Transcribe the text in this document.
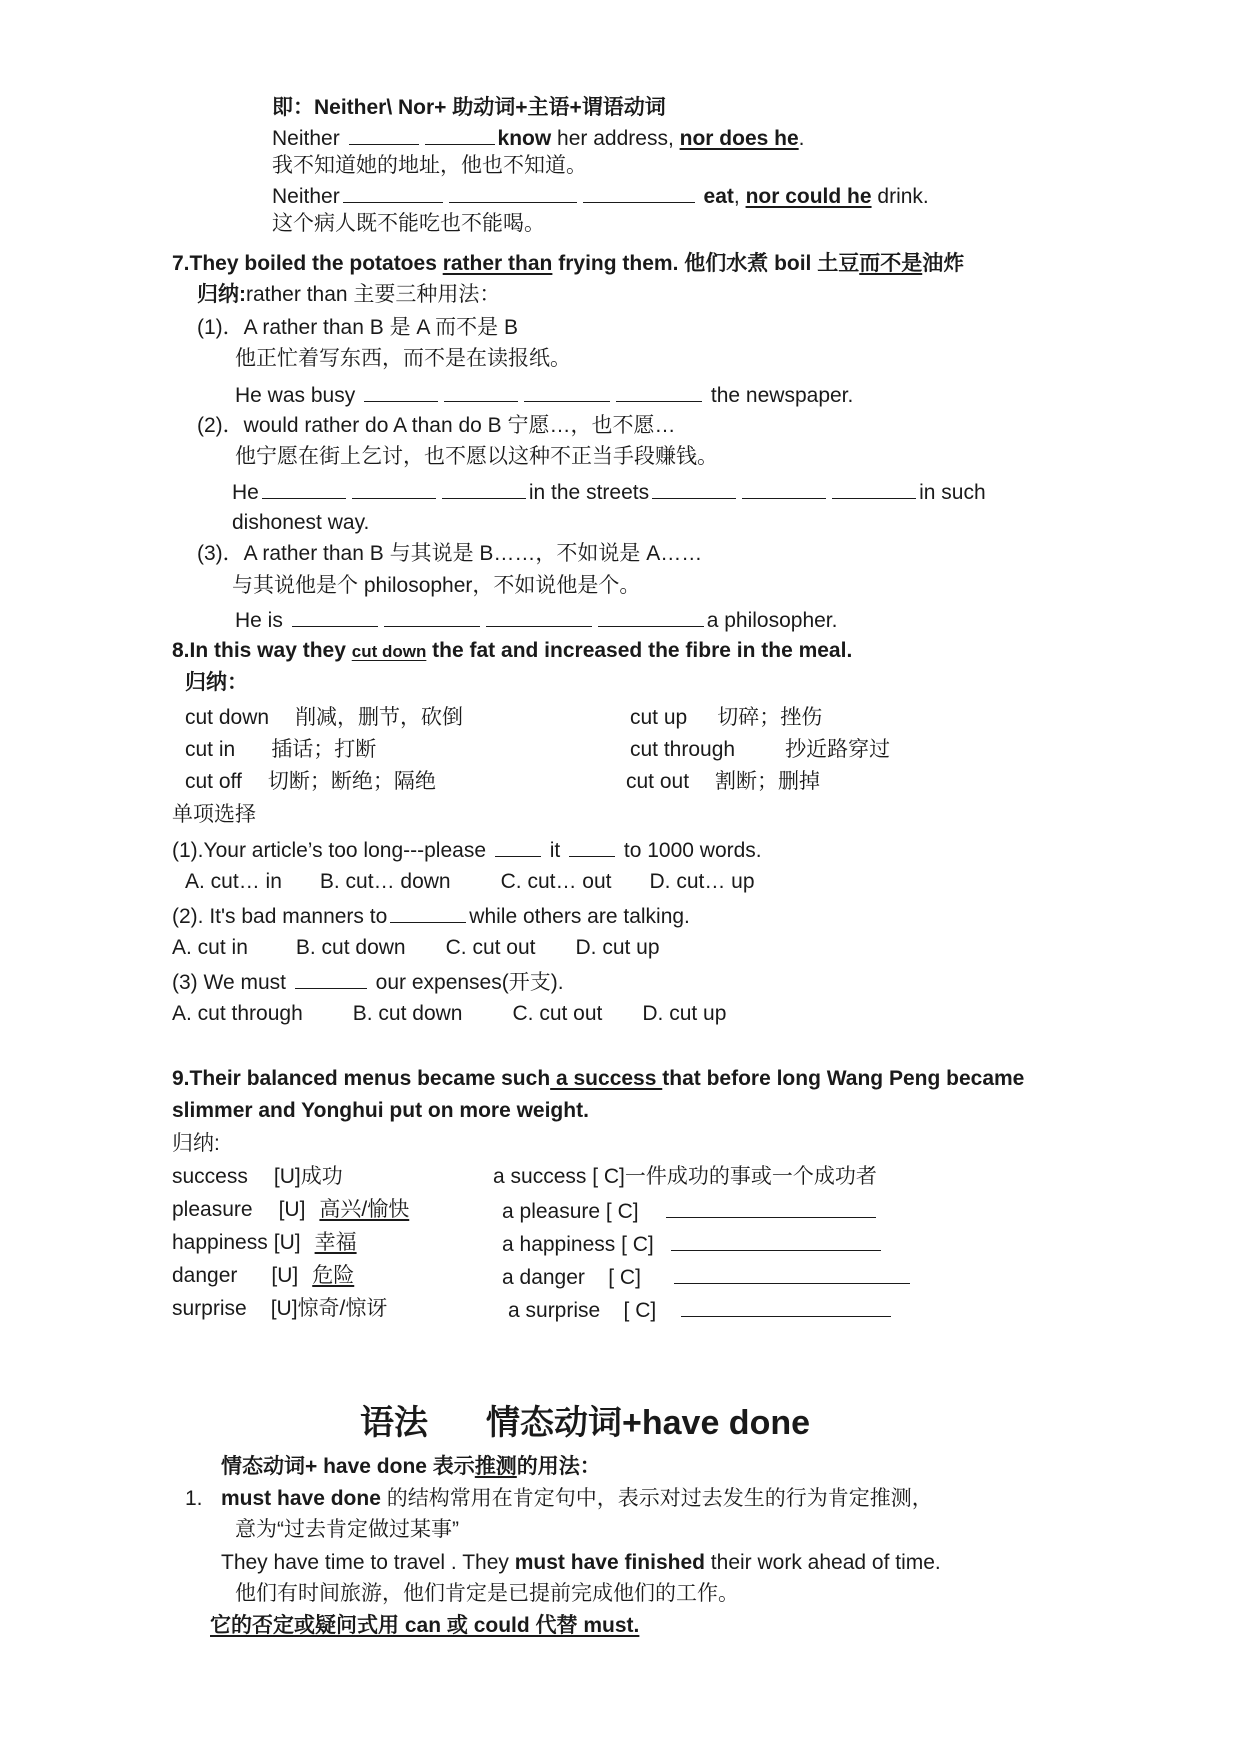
即：Neither\ Nor+ 助动词+主语+谓语动词
Neither	know her address, nor does he.
我不知道她的地址，他也不知道。
Neither	eat, nor could he drink.
这个病人既不能吃也不能喝。
7.They boiled the potatoes rather than frying them. 他们水煮 boil 土豆而不是油炸
归纳:rather than 主要三种用法：
(1)．A rather than B 是 A 而不是 B
他正忙着写东西，而不是在读报纸。
He was busy	the newspaper.
(2)．would rather do A than do B 宁愿…，也不愿…
他宁愿在街上乞讨，也不愿以这种不正当手段赚钱。
He	in the streets	in such
dishonest way.
(3)．A rather than B 与其说是 B……，不如说是 A……
与其说他是个 philosopher，不如说他是个。
He is	a philosopher.
8.In this way they cut down the fat and increased the fibre in the meal.
归纳：
cut down 削减，删节，砍倒	cut up 切碎；挫伤
cut in 插话；打断	cut through 抄近路穿过
cut off 切断；断绝；隔绝	cut out 割断；删掉
单项选择
(1).Your article’s too long---please	it	to 1000 words.
A. cut… in B. cut… down C. cut… out D. cut… up
(2). It's bad manners to	while others are talking.
A. cut in B. cut down C. cut out D. cut up
(3) We must	our expenses(开支).
A. cut through B. cut down C. cut out D. cut up
9.Their balanced menus became such a success that before long Wang Peng became
slimmer and Yonghui put on more weight.
归纳:
success [U]成功	a success [ C]一件成功的事或一个成功者
pleasure [U] 高兴/愉快	a pleasure [ C]
happiness [U] 幸福	a happiness [ C]
danger [U] 危险	a danger    [ C]
surprise [U]惊奇/惊讶	a surprise    [ C]
语法 情态动词+have done
情态动词+ have done 表示推测的用法：
1. must have done 的结构常用在肯定句中，表示对过去发生的行为肯定推测，
意为“过去肯定做过某事”
They have time to travel . They must have finished their work ahead of time.
他们有时间旅游，他们肯定是已提前完成他们的工作。
它的否定或疑问式用 can 或 could 代替 must.
